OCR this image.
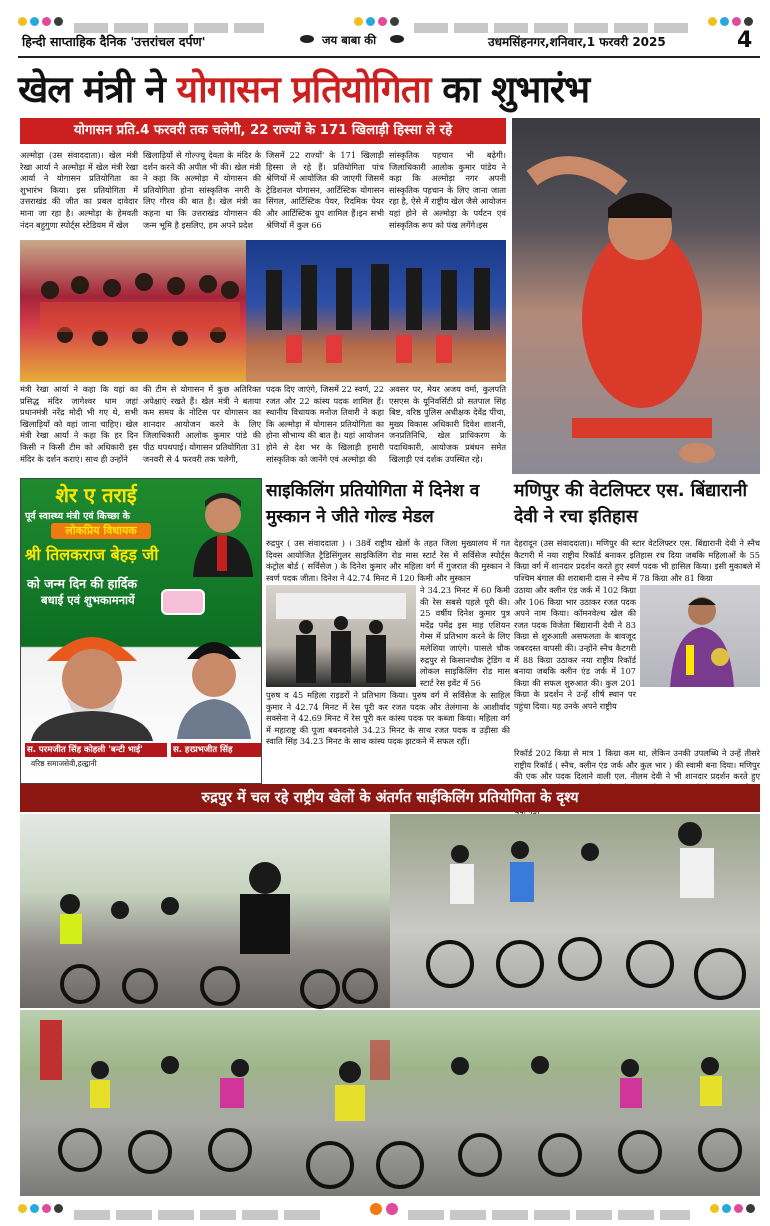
हिन्दी साप्ताहिक दैनिक 'उत्तरांचल दर्पण'	जय बाबा की	उधमसिंहनगर,शनिवार,1 फरवरी 2025	4
खेल मंत्री ने योगासन प्रतियोगिता का शुभारंभ
योगासन प्रति.4 फरवरी तक चलेगी, 22 राज्यों के 171 खिलाड़ी हिस्सा ले रहे
अल्मोड़ा (उस संवाददाता)। खेल मंत्री रेखा आर्या ने अल्मोड़ा में खेल मंत्री रेखा आर्या ने योगासन प्रतियोगिता का शुभारंभ किया। इस प्रतियोगिता में उत्तराखंड की जीत का प्रबल दावेदार माना जा रहा है। अल्मोड़ा के हेमवती नंदन बहुगुणा स्पोर्ट्स स्टेडियम में खेल
खिलाड़ियों से गोल्ज्यू देवता के मंदिर के दर्शन करने की अपील भी की। खेल मंत्री ने कहा कि अल्मोड़ा में योगासन की प्रतियोगिता होना सांस्कृतिक नगरी के लिए गौरव की बात है। खेल मंत्री का कहना था कि उत्तराखंड योगासन की जन्म भूमि है इसलिए, हम अपने प्रदेश
जिसमें 22 राज्यों' के 171 खिलाड़ी हिस्सा ले रहे हैं। प्रतियोगिता पांच श्रेणियों में आयोजित की जाएगी जिसमें ट्रेडिशनल योगासन, आर्टिस्टिक योगासन सिंगल, आर्टिस्टिक पेयर, रिदमिक पेयर और आर्टिस्टिक ग्रुप शामिल हैं।इन सभी श्रेणियों में कुल 66
सांस्कृतिक पहचान भी बढ़ेगी। जिलाधिकारी आलोक कुमार पांडेय ने कहा कि अल्मोड़ा नगर अपनी सांस्कृतिक पहचान के लिए जाना जाता रहा है, ऐसे में राष्ट्रीय खेल जैसे आयोजन यहां होने से अल्मोड़ा के पर्यटन एवं सांस्कृतिक रूप को पंख लगेंगे।इस
मंत्री रेखा आर्या ने कहा कि यहां का प्रसिद्ध मंदिर जागेश्वर धाम जहां प्रधानमंत्री नरेंद्र मोदी भी गए थे, सभी खिलाड़ियों को वहां जाना चाहिए। खेल मंत्री रेखा आर्या ने कहा कि हर दिन किसी न किसी टीम को अधिकारी इस मंदिर के दर्शन कराएं। साथ ही उन्होंने
की टीम से योगासन में कुछ अतिरिक्त अपेक्षाएं रखते हैं। खेल मंत्री ने बताया कम समय के नोटिस पर योगासन का शानदार आयोजन करने के लिए जिलाधिकारी आलोक कुमार पांडे की पीठ थपथपाई। योगासन प्रतियोगिता 31 जनवरी से 4 फरवरी तक चलेगी,
पदक दिए जाएंगे, जिसमें 22 स्वर्ण, 22 रजत और 22 कांस्य पदक शामिल हैं। स्थानीय विधायक मनोज तिवारी ने कहा कि अल्मोड़ा में योगासन प्रतियोगिता का होना सौभाग्य की बात है। यहां आयोजन होने से देश भर के खिलाड़ी हमारी सांस्कृतिक को जानेंगे एवं अल्मोड़ा की
अवसर पर, मेयर अजय वर्मा, कुलपति एसएस के यूनिवर्सिटी प्रो सतपाल सिंह बिष्ट, वरिष्ठ पुलिस अधीक्षक देवेंद्र पींचा, मुख्य विकास अधिकारी दिवेश शाशनी, जनप्रतिनिधि, खेल प्राधिकरण के पदाधिकारी, आयोजक प्रबंधन समेत खिलाड़ी एवं दर्शक उपस्थित रहे।
शेर ए तराई
पूर्व स्वास्थ्य मंत्री एवं किच्छा के
लोकप्रिय विधायक
श्री तिलकराज बेहड़ जी
को जन्म दिन की हार्दिक
बधाई एवं शुभकामनायें
स. परमजीत सिंह कोहली 'बन्टी भाई'
वरिष्ठ समाजसेवी,हल्द्वानी
स. हरप्रभजीत सिंह
साइकिलिंग प्रतियोगिता में दिनेश व मुस्कान ने जीते गोल्ड मेडल
रुद्रपुर ( उस संवाददाता ) । 38वें राष्ट्रीय खेलों के तहत जिला मुख्यालय में गत दिवस आयोजित ट्रैडिसिंगुलर साइकिलिंग रोड मास स्टार्ट रेस में सर्विसेज स्पोर्ट्स कंट्रोल बोर्ड ( सर्विसेज ) के दिनेश कुमार और महिला वर्ग में गुजरात की मुस्कान ने स्वर्ण पदक जीता। दिनेश ने 42.74 मिनट में 120 किमी और मुस्कान
ने 34.23 मिनट में 60 किमी की रेस सबसे पहले पूरी की। 25 वर्षीय दिनेश कुमार पुत्र मदेंद्र पमेंद्र इस माह एशियन गेम्स में प्रतिभाग करने के लिए मलेशिया जाएंगे। पासले चौक रुद्रपुर से किसानचौक ट्रेडिंग व लोकल साइकिलिंग रोड मास स्टार्ट रेस इवेंट में 56
पुरुष व 45 महिला राइडरों ने प्रतिभाग किया। पुरुष वर्ग में सर्विसेज के साहिल कुमार ने 42.74 मिनट में रेस पूरी कर रजत पदक और तेलंगाना के आशीर्वाद सक्सेना ने 42.69 मिनट में रेस पूरी कर कांस्य पदक पर कब्जा किया। महिला वर्ग में महाराष्ट्र की पूजा बबनदनोले 34.23 मिनट के साथ रजत पदक व उड़ीसा की स्वाति सिंह 34.23 मिनट के साथ कांस्य पदक झटकने में सफल रहीं।
मणिपुर की वेटलिफ्टर एस. बिंद्यारानी देवी ने रचा इतिहास
देहरादून (उस संवाददाता)। मणिपुर की स्टार वेटलिफ्टर एस. बिंद्यारानी देवी ने स्नैच कैटगरी में नया राष्ट्रीय रिकॉर्ड बनाकर इतिहास रच दिया जबकि महिलाओं के 55 किग्रा वर्ग में शानदार प्रदर्शन करते हुए स्वर्ण पदक भी हासिल किया। इसी मुकाबले में पश्चिम बंगाल की शराबानी दास ने स्नैच में 78 किग्रा और 81 किग्रा
उठाया और क्लीन एंड जर्क में 102 किग्रा और 106 किग्रा भार उठाकर रजत पदक अपने नाम किया। कॉमनवेल्थ खेल की रजत पदक विजेता बिंद्यारानी देवी ने 83 किग्रा से शुरुआती असफलता के बावजूद जबरदस्त वापसी की। उन्होंने स्नैच कैटगरी में 88 किग्रा उठाकर नया राष्ट्रीय रिकॉर्ड बनाया जबकि क्लीन एंड जर्क में 107 किग्रा की सफल शुरुआत की। कुल 201 किग्रा के प्रदर्शन ने उन्हें शीर्ष स्थान पर पहुंचा दिया। यह उनके अपने राष्ट्रीय
रिकॉर्ड 202 किग्रा से मात्र 1 किग्रा कम था, लेकिन उनकी उपलब्धि ने उन्हें तीसरे राष्ट्रीय रिकॉर्ड ( स्नैच, क्लीन एंड जर्क और कुल भार ) की स्वामी बना दिया। मणिपुर की एक और पदक दिलाने वाली एल. नीलम देवी ने भी शानदार प्रदर्शन करते हुए
रुद्रपुर में चल रहे राष्ट्रीय खेलों के अंतर्गत साईकिलिंग प्रतियोगिता के दृश्य
